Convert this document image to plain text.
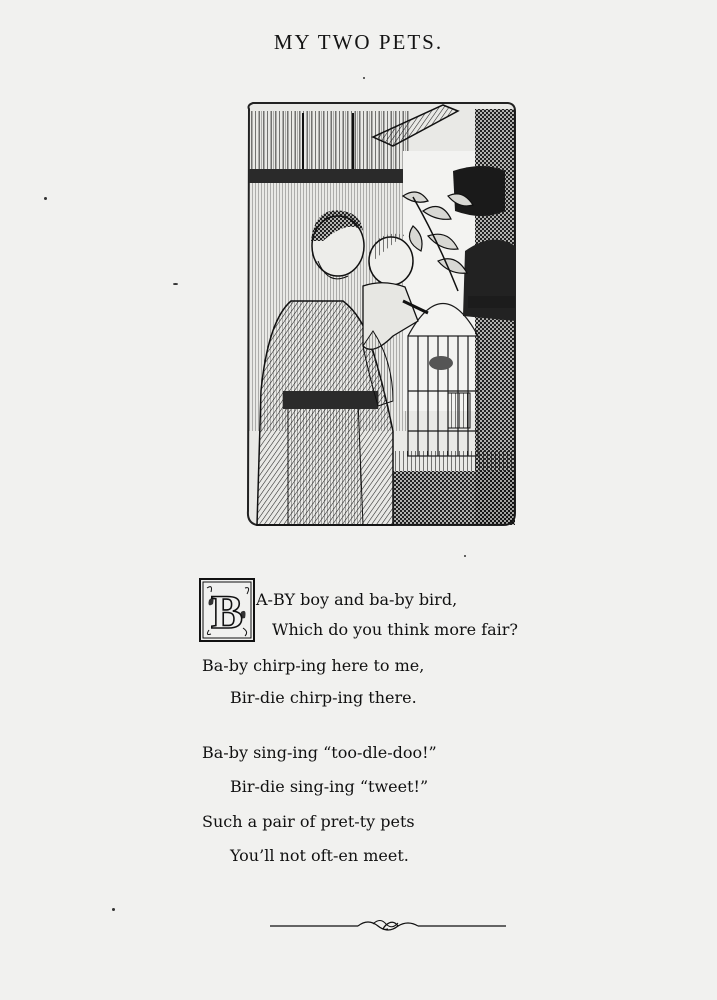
MY TWO PETS.
B A-BY boy and ba-by bird,
Which do you think more fair?
Ba-by chirp-ing here to me,
Bir-die chirp-ing there.
Ba-by sing-ing “too-dle-doo!”
Bir-die sing-ing “tweet!”
Such a pair of pret-ty pets
You’ll not oft-en meet.
